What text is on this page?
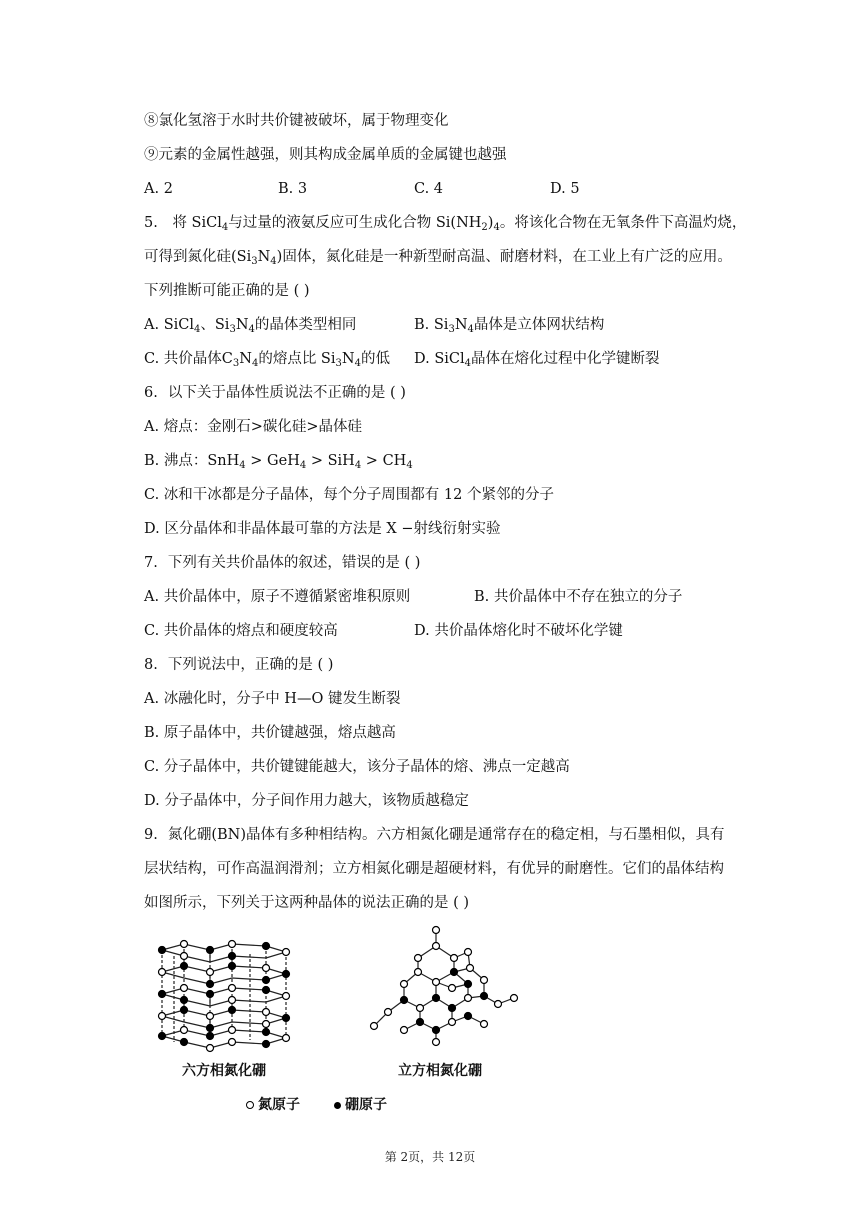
⑧氯化氢溶于水时共价键被破坏，属于物理变化
⑨元素的金属性越强，则其构成金属单质的金属键也越强
A. 2	B. 3	C. 4	D. 5
5. 将 SiCl$_4$与过量的液氨反应可生成化合物 $Si(NH_2)_4$。将该化合物在无氧条件下高温灼烧，
可得到氮化硅$(Si_3N_4)$固体，氮化硅是一种新型耐高温、耐磨材料，在工业上有广泛的应用。
下列推断可能正确的是 ( )
A. SiCl$_4$、$Si_3N_4$的晶体类型相同	B. $Si_3N_4$晶体是立体网状结构
C. 共价晶体$C_3N_4$的熔点比 $Si_3N_4$的低 D. SiCl$_4$晶体在熔化过程中化学键断裂
6. 以下关于晶体性质说法不正确的是 ( )
A. 熔点：金刚石>碳化硅>晶体硅
B. 沸点：$SnH_4 > GeH_4 > SiH_4 > CH_4$
C. 冰和干冰都是分子晶体，每个分子周围都有 12 个紧邻的分子
D. 区分晶体和非晶体最可靠的方法是 X −射线衍射实验
7. 下列有关共价晶体的叙述，错误的是 ( )
A. 共价晶体中，原子不遵循紧密堆积原则	B. 共价晶体中不存在独立的分子
C. 共价晶体的熔点和硬度较高	D. 共价晶体熔化时不破坏化学键
8. 下列说法中，正确的是 ( )
A. 冰融化时，分子中 H—O 键发生断裂
B. 原子晶体中，共价键越强，熔点越高
C. 分子晶体中，共价键键能越大，该分子晶体的熔、沸点一定越高
D. 分子晶体中，分子间作用力越大，该物质越稳定
9. 氮化硼(BN)晶体有多种相结构。六方相氮化硼是通常存在的稳定相，与石墨相似，具有
层状结构，可作高温润滑剂；立方相氮化硼是超硬材料，有优异的耐磨性。它们的晶体结构
如图所示，下列关于这两种晶体的说法正确的是 ( )
六方相氮化硼	立方相氮化硼
氮原子	硼原子
第 2页，共 12页
